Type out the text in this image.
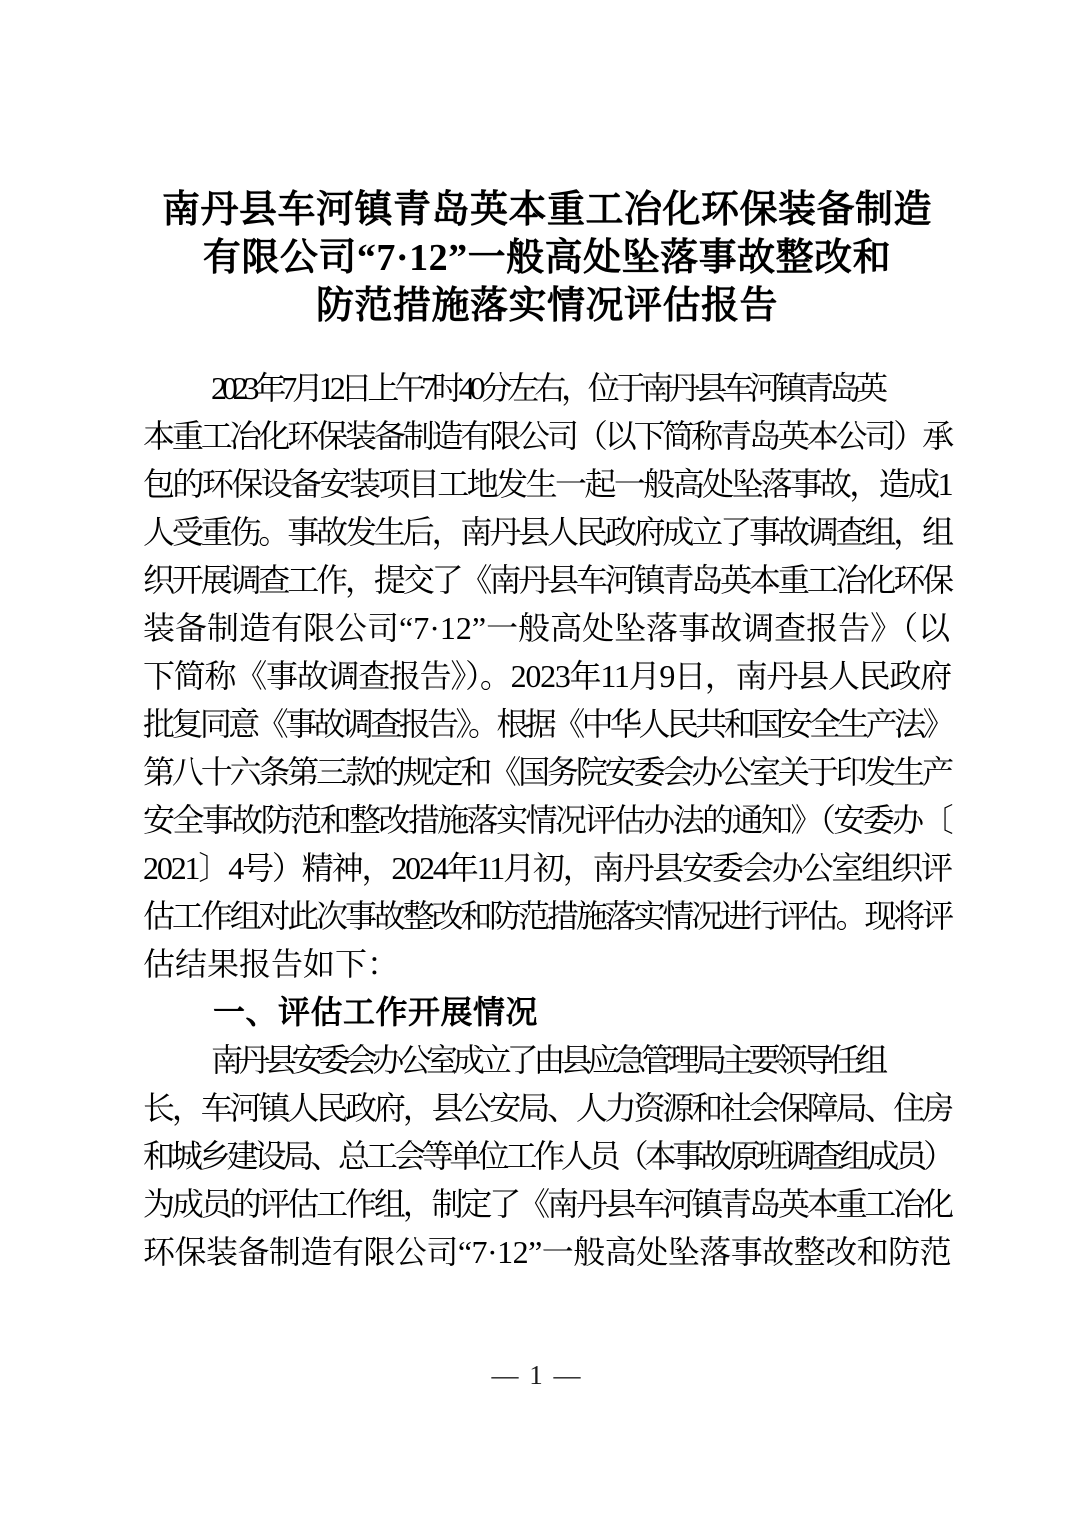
南丹县车河镇青岛英本重工冶化环保装备制造
有限公司“7·12”一般高处坠落事故整改和
防范措施落实情况评估报告

2023年7月12日上午7时40分左右，位于南丹县车河镇青岛英
本重工冶化环保装备制造有限公司（以下简称青岛英本公司）承
包的环保设备安装项目工地发生一起一般高处坠落事故，造成1
人受重伤。事故发生后，南丹县人民政府成立了事故调查组，组
织开展调查工作，提交了《南丹县车河镇青岛英本重工冶化环保
装备制造有限公司“7·12”一般高处坠落事故调查报告》（以
下简称《事故调查报告》）。2023年11月9日，南丹县人民政府
批复同意《事故调查报告》。根据《中华人民共和国安全生产法》
第八十六条第三款的规定和《国务院安委会办公室关于印发生产
安全事故防范和整改措施落实情况评估办法的通知》（安委办〔
2021〕4号）精神，2024年11月初，南丹县安委会办公室组织评
估工作组对此次事故整改和防范措施落实情况进行评估。现将评
估结果报告如下：

一、评估工作开展情况

南丹县安委会办公室成立了由县应急管理局主要领导任组
长，车河镇人民政府，县公安局、人力资源和社会保障局、住房
和城乡建设局、总工会等单位工作人员（本事故原班调查组成员）
为成员的评估工作组，制定了《南丹县车河镇青岛英本重工冶化
环保装备制造有限公司“7·12”一般高处坠落事故整改和防范

— 1 —
